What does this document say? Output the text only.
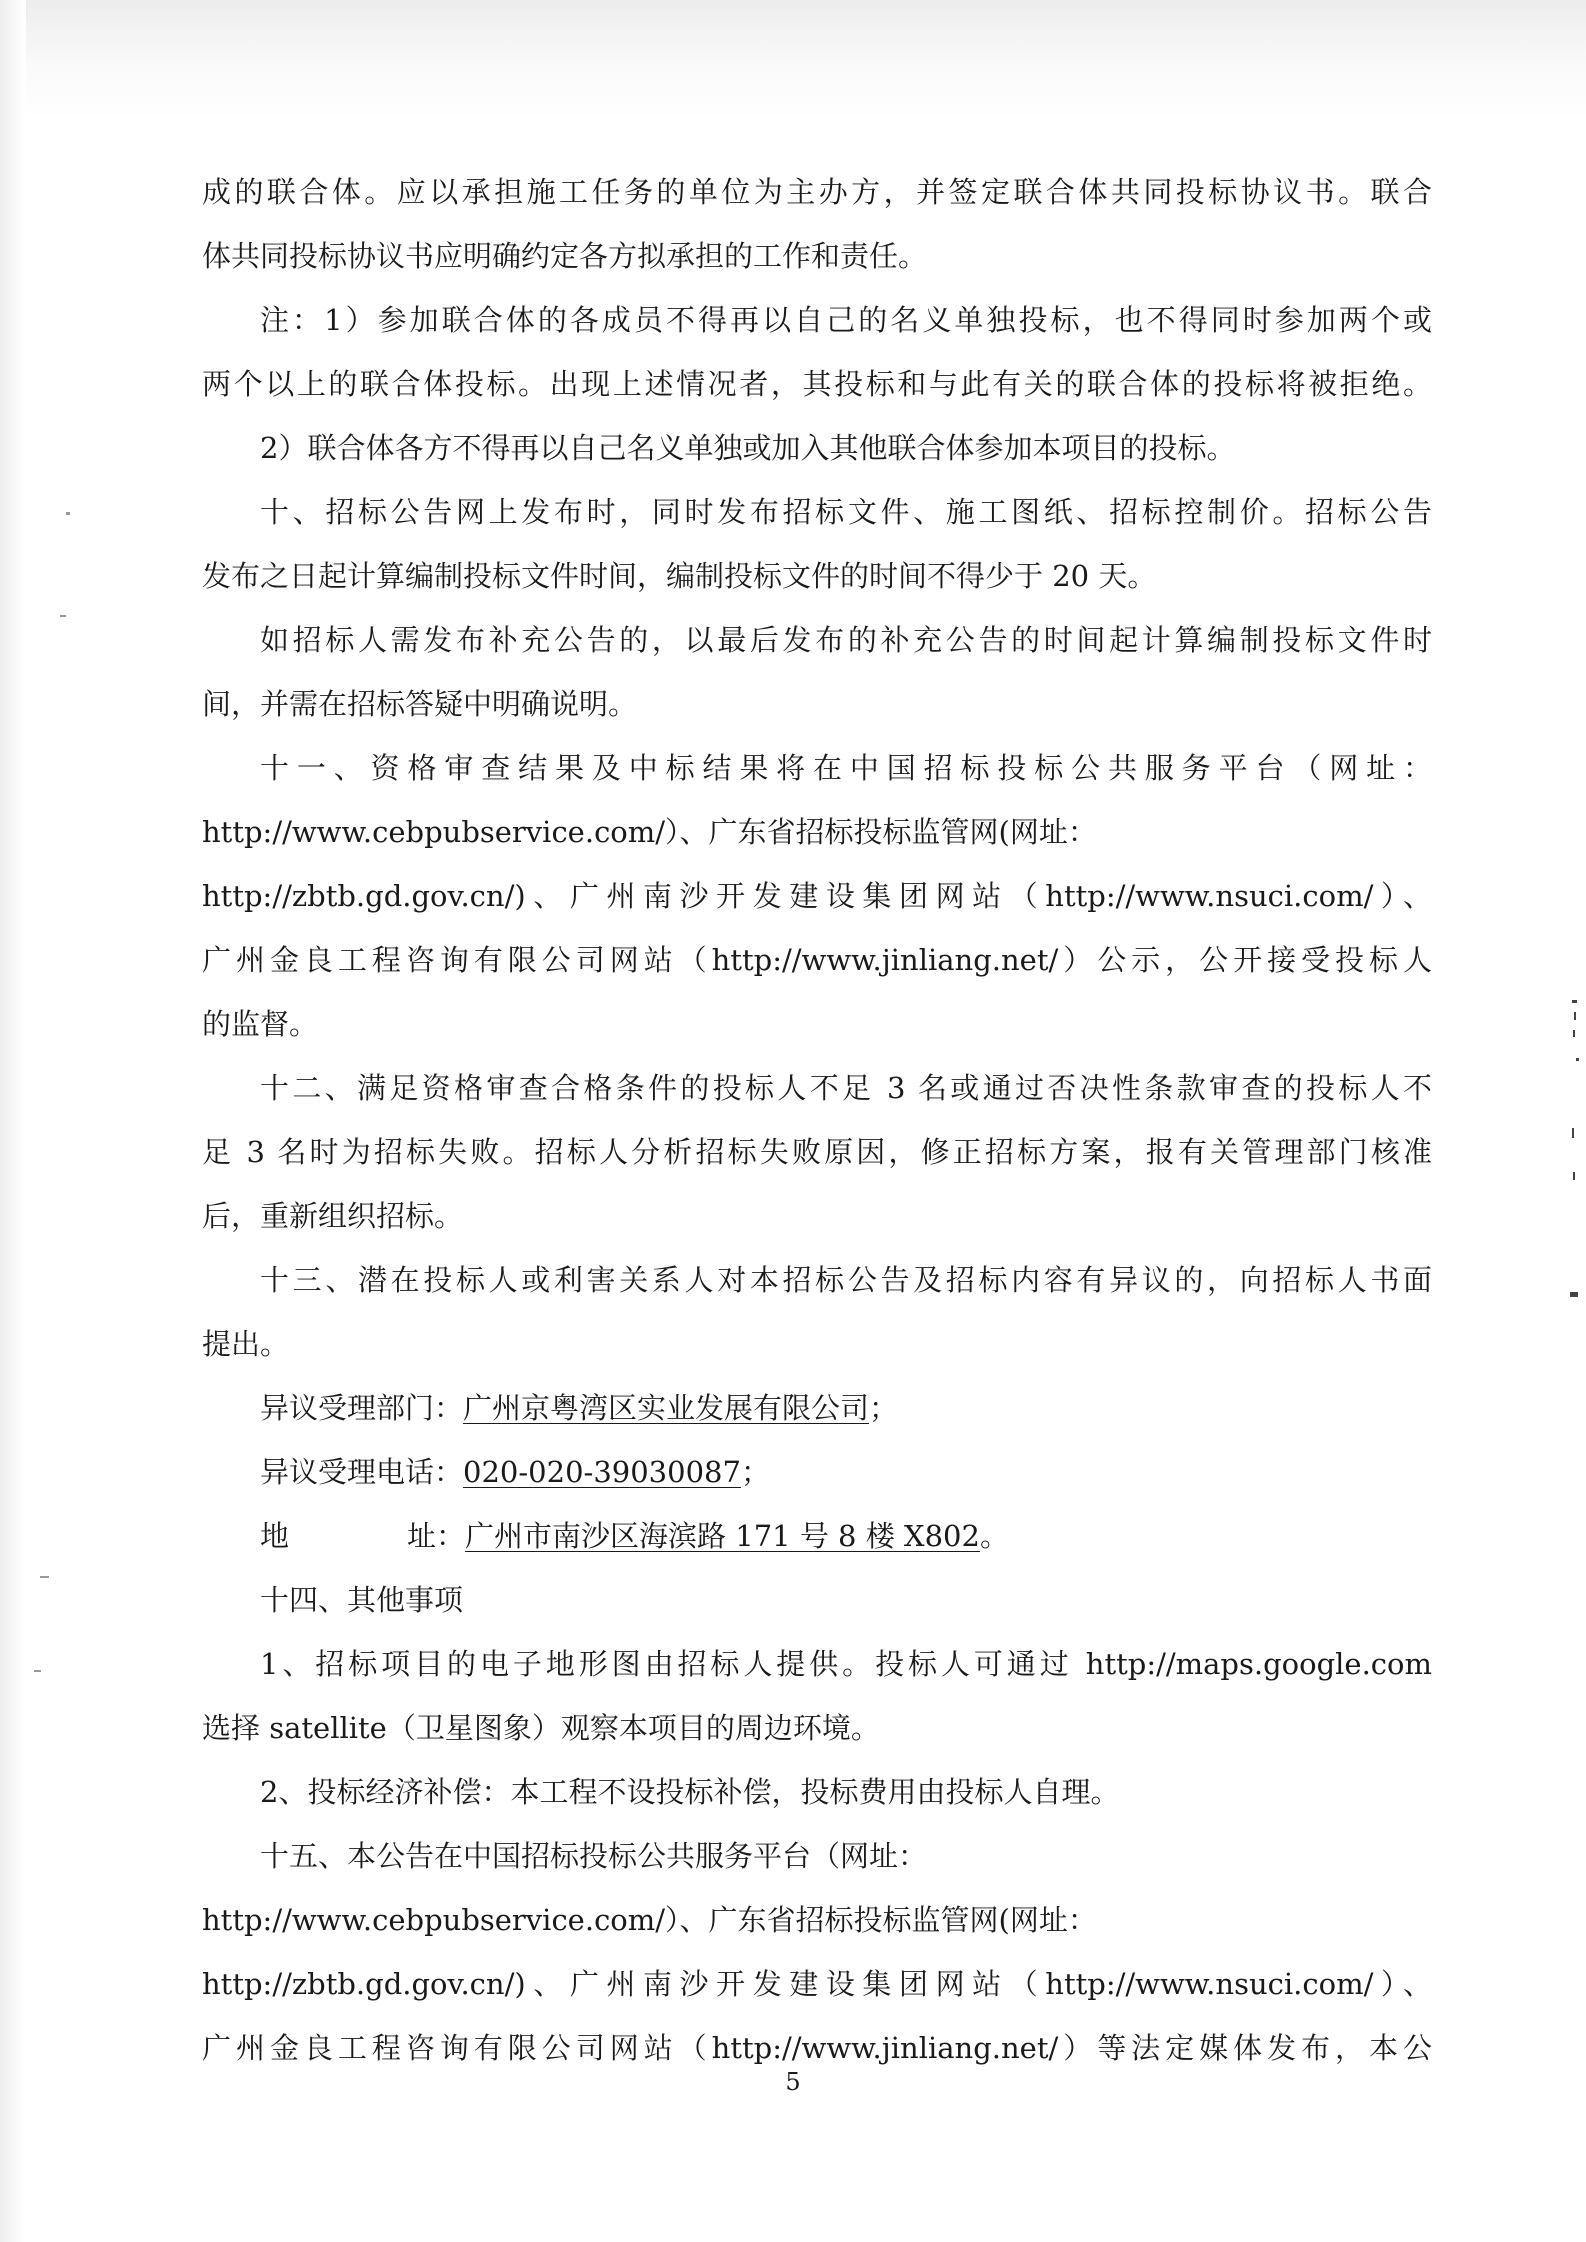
成的联合体。应以承担施工任务的单位为主办方，并签定联合体共同投标协议书。联合
体共同投标协议书应明确约定各方拟承担的工作和责任。
注：1）参加联合体的各成员不得再以自己的名义单独投标，也不得同时参加两个或
两个以上的联合体投标。出现上述情况者，其投标和与此有关的联合体的投标将被拒绝。
2）联合体各方不得再以自己名义单独或加入其他联合体参加本项目的投标。
十、招标公告网上发布时，同时发布招标文件、施工图纸、招标控制价。招标公告
发布之日起计算编制投标文件时间，编制投标文件的时间不得少于 20 天。
如招标人需发布补充公告的，以最后发布的补充公告的时间起计算编制投标文件时
间，并需在招标答疑中明确说明。
十一、资格审查结果及中标结果将在中国招标投标公共服务平台（网址：
http://www.cebpubservice.com/）、广东省招标投标监管网(网址：
http://zbtb.gd.gov.cn/)、广州南沙开发建设集团网站（http://www.nsuci.com/）、
广州金良工程咨询有限公司网站（http://www.jinliang.net/）公示，公开接受投标人
的监督。
十二、满足资格审查合格条件的投标人不足 3 名或通过否决性条款审查的投标人不
足 3 名时为招标失败。招标人分析招标失败原因，修正招标方案，报有关管理部门核准
后，重新组织招标。
十三、潜在投标人或利害关系人对本招标公告及招标内容有异议的，向招标人书面
提出。
异议受理部门：广州京粤湾区实业发展有限公司；
异议受理电话：020-020-39030087；
地	址：广州市南沙区海滨路 171 号 8 楼 X802。
十四、其他事项
1、招标项目的电子地形图由招标人提供。投标人可通过 http://maps.google.com
选择 satellite（卫星图象）观察本项目的周边环境。
2、投标经济补偿：本工程不设投标补偿，投标费用由投标人自理。
十五、本公告在中国招标投标公共服务平台（网址：
http://www.cebpubservice.com/）、广东省招标投标监管网(网址：
http://zbtb.gd.gov.cn/)、广州南沙开发建设集团网站（http://www.nsuci.com/）、
广州金良工程咨询有限公司网站（http://www.jinliang.net/）等法定媒体发布，本公
5
